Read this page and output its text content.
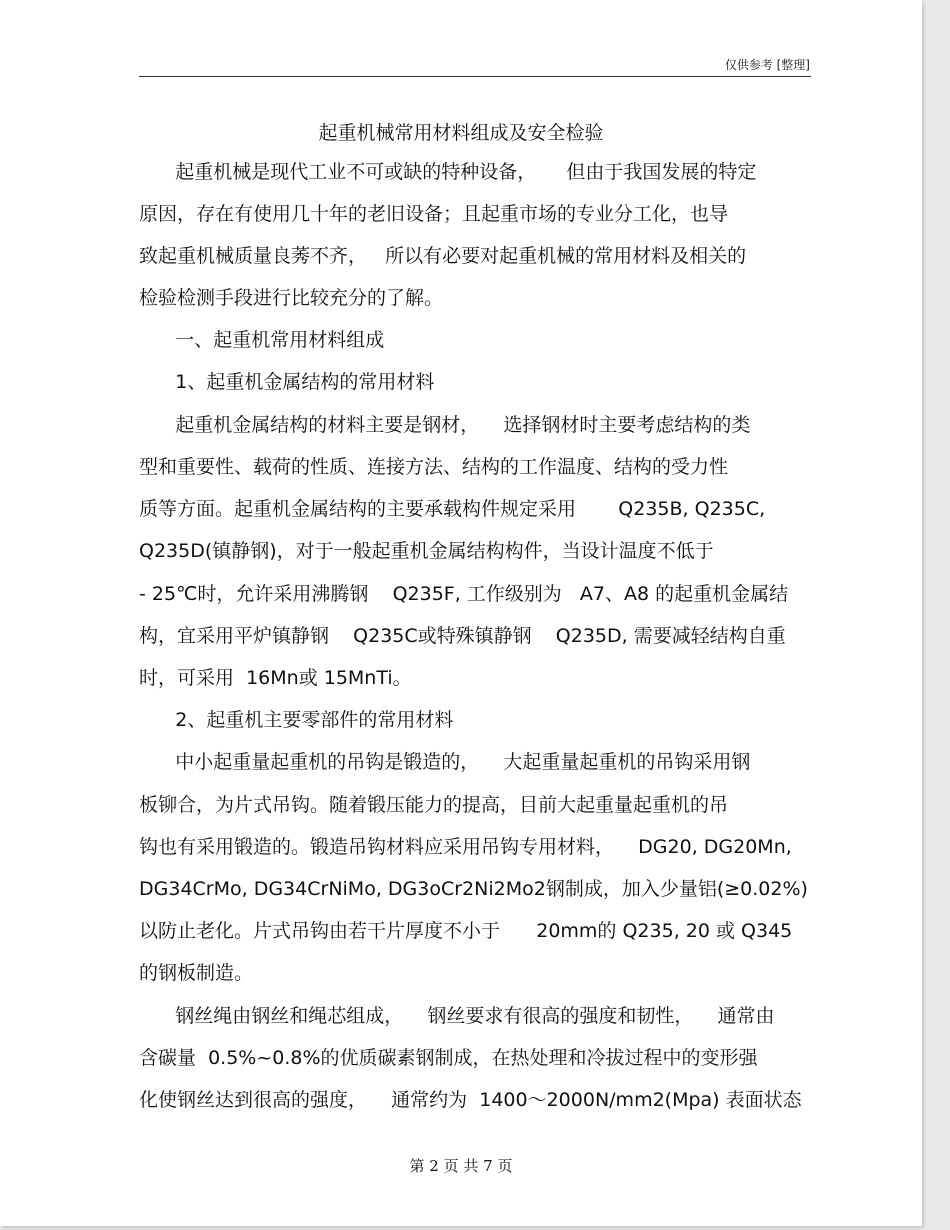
仅供参考 [整理]
起重机械常用材料组成及安全检验
起重机械是现代工业不可或缺的特种设备，     但由于我国发展的特定
原因，存在有使用几十年的老旧设备；且起重市场的专业分工化，也导
致起重机械质量良莠不齐，   所以有必要对起重机械的常用材料及相关的
检验检测手段进行比较充分的了解。
一、起重机常用材料组成
1、起重机金属结构的常用材料
起重机金属结构的材料主要是钢材，    选择钢材时主要考虑结构的类
型和重要性、载荷的性质、连接方法、结构的工作温度、结构的受力性
质等方面。起重机金属结构的主要承载构件规定采用       Q235B, Q235C,
Q235D(镇静钢)，对于一般起重机金属结构构件，当设计温度不低于
- 25℃时，允许采用沸腾钢    Q235F, 工作级别为   A7、A8 的起重机金属结
构，宜采用平炉镇静钢    Q235C或特殊镇静钢    Q235D, 需要减轻结构自重
时，可采用  16Mn或 15MnTi。
2、起重机主要零部件的常用材料
中小起重量起重机的吊钩是锻造的，    大起重量起重机的吊钩采用钢
板铆合，为片式吊钩。随着锻压能力的提高，目前大起重量起重机的吊
钩也有采用锻造的。锻造吊钩材料应采用吊钩专用材料，    DG20, DG20Mn,
DG34CrMo, DG34CrNiMo, DG3oCr2Ni2Mo2钢制成，加入少量铝(≥0.02%)
以防止老化。片式吊钩由若干片厚度不小于      20mm的 Q235, 20 或 Q345
的钢板制造。
钢丝绳由钢丝和绳芯组成，    钢丝要求有很高的强度和韧性，    通常由
含碳量  0.5%~0.8%的优质碳素钢制成，在热处理和冷拔过程中的变形强
化使钢丝达到很高的强度，    通常约为  1400～2000N/mm2(Mpa) 表面状态
第 2 页 共 7 页
